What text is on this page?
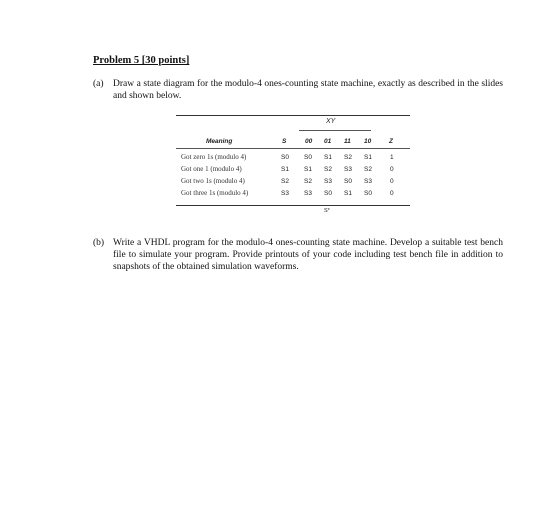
Problem 5 [30 points]
(a) Draw a state diagram for the modulo-4 ones-counting state machine, exactly as described in the slides and shown below.
XY
Meaning	S	00 01 11 10	Z
Got zero 1s (modulo 4)	S0 S0 S1 S2 S1	1
Got one 1 (modulo 4)	S1 S1 S2 S3 S2	0
Got two 1s (modulo 4)	S2 S2 S3 S0 S3	0
Got three 1s (modulo 4)	S3 S3 S0 S1 S0	0
S*
(b) Write a VHDL program for the modulo-4 ones-counting state machine. Develop a suitable test bench file to simulate your program. Provide printouts of your code including test bench file in addition to snapshots of the obtained simulation waveforms.
